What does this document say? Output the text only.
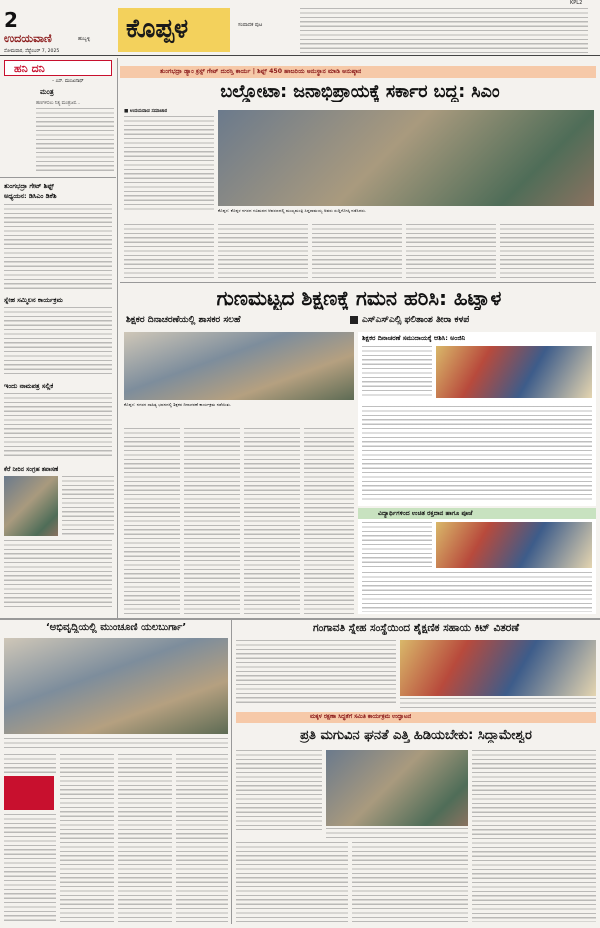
2
ಉದಯವಾಣಿ	ಹುಬ್ಬಳ್ಳಿ
ಸೋಮವಾರ, ಸೆಪ್ಟೆಂಬರ್ 7, 2025
ಕೊಪ್ಪಳ	ಸಂಪಾದಕ ಪುಟ
KPL2
ಹನಿ ದನಿ
– ಎಸ್. ಮಂಜುನಾಥ್
ಮಂತ್ರ
ಹಣಗಳಿಸಲು ನಿತ್ಯ ಮಂತ್ರಜಪ...
ತುಂಗಭದ್ರಾ ಗೇಟ್ ಶಿಫ್ಟ್
ಅಧ್ಯಯನ: ಡಿಸಿಎಂ ಡಿಕೆಶಿ
ಸ್ನೇಹ ಸಮ್ಮಿಲನ ಕಾರ್ಯಕ್ರಮ
ಇಂದು ನಾಮಪತ್ರ ಸಲ್ಲಿಕೆ
ಕೆರೆ ನೀರಿನ ಸಂಗ್ರಹ ತಪಾಸಣೆ
ತುಂಗಭದ್ರಾ ಡ್ಯಾಂ ಕ್ರಸ್ಟ್ ಗೇಟ್ ದುರಸ್ತಿ ಕಾರ್ಯ | ಶಿಫ್ಟ್ 450 ಹಾಜರಿಯ ಅನುಸ್ಥಾನ ಮಾಡಿ ಅನುಷ್ಠಾನ
ಬಲ್ಡೋಟಾ: ಜನಾಭಿಪ್ರಾಯಕ್ಕೆ ಸರ್ಕಾರ ಬದ್ಧ: ಸಿಎಂ
■ ಉದಯವಾಣಿ ಸಮಾಚಾರ
ಕೊಪ್ಪಳ: ಕೊಪ್ಪಳ ನಗರದ ಗವಿಮಠದ ಆವರಣದಲ್ಲಿ ಮುಖ್ಯಮಂತ್ರಿ ಸಿದ್ದರಾಮಯ್ಯ ಅವರು ಸುದ್ದಿಗೋಷ್ಠಿ ನಡೆಸಿದರು.
ಗುಣಮಟ್ಟದ ಶಿಕ್ಷಣಕ್ಕೆ ಗಮನ ಹರಿಸಿ: ಹಿಟ್ನಾಳ
ಶಿಕ್ಷಕರ ದಿನಾಚರಣೆಯಲ್ಲಿ ಶಾಸಕರ ಸಲಹೆ	ಎಸ್ಎಸ್ಎಲ್ಸಿ ಫಲಿತಾಂಶ ತೀರಾ ಕಳಪೆ
ಕೊಪ್ಪಳ: ನಗರದ ಸಾಹಿತ್ಯ ಭವನದಲ್ಲಿ ಶಿಕ್ಷಕರ ದಿನಾಚರಣೆ ಕಾರ್ಯಕ್ರಮ ನಡೆಯಿತು.
ಶಿಕ್ಷಕರ ದಿನಾಚರಣೆ ಸಮುದಾಯಕ್ಕೆ ಆಶಿಸಿ: ಅಂಜಿನಿ
ವಿದ್ಯಾರ್ಥಿಗಳಿಂದ ಉಚಿತ ರಕ್ತದಾನ ಹಾಗೂ ಪೂಜೆ
‘ಅಭಿವೃದ್ಧಿಯಲ್ಲಿ ಮುಂಚೂಣಿ ಯಲಬುರ್ಗಾ’	ಗಂಗಾವತಿ ಸ್ನೇಹ ಸಂಸ್ಥೆಯಿಂದ ಶೈಕ್ಷಣಿಕ ಸಹಾಯ ಕಿಟ್ ವಿತರಣೆ
ಮಕ್ಕಳ ರಕ್ಷಣಾ ಸಿದ್ಧತೆಗೆ ಸಮಿತಿ ಕಾರ್ಯಕ್ರಮ ಉದ್ಘಾಟನೆ
ಪ್ರತಿ ಮಗುವಿನ ಘನತೆ ಎತ್ತಿ ಹಿಡಿಯಬೇಕು: ಸಿದ್ದಾಮೇಶ್ವರ
